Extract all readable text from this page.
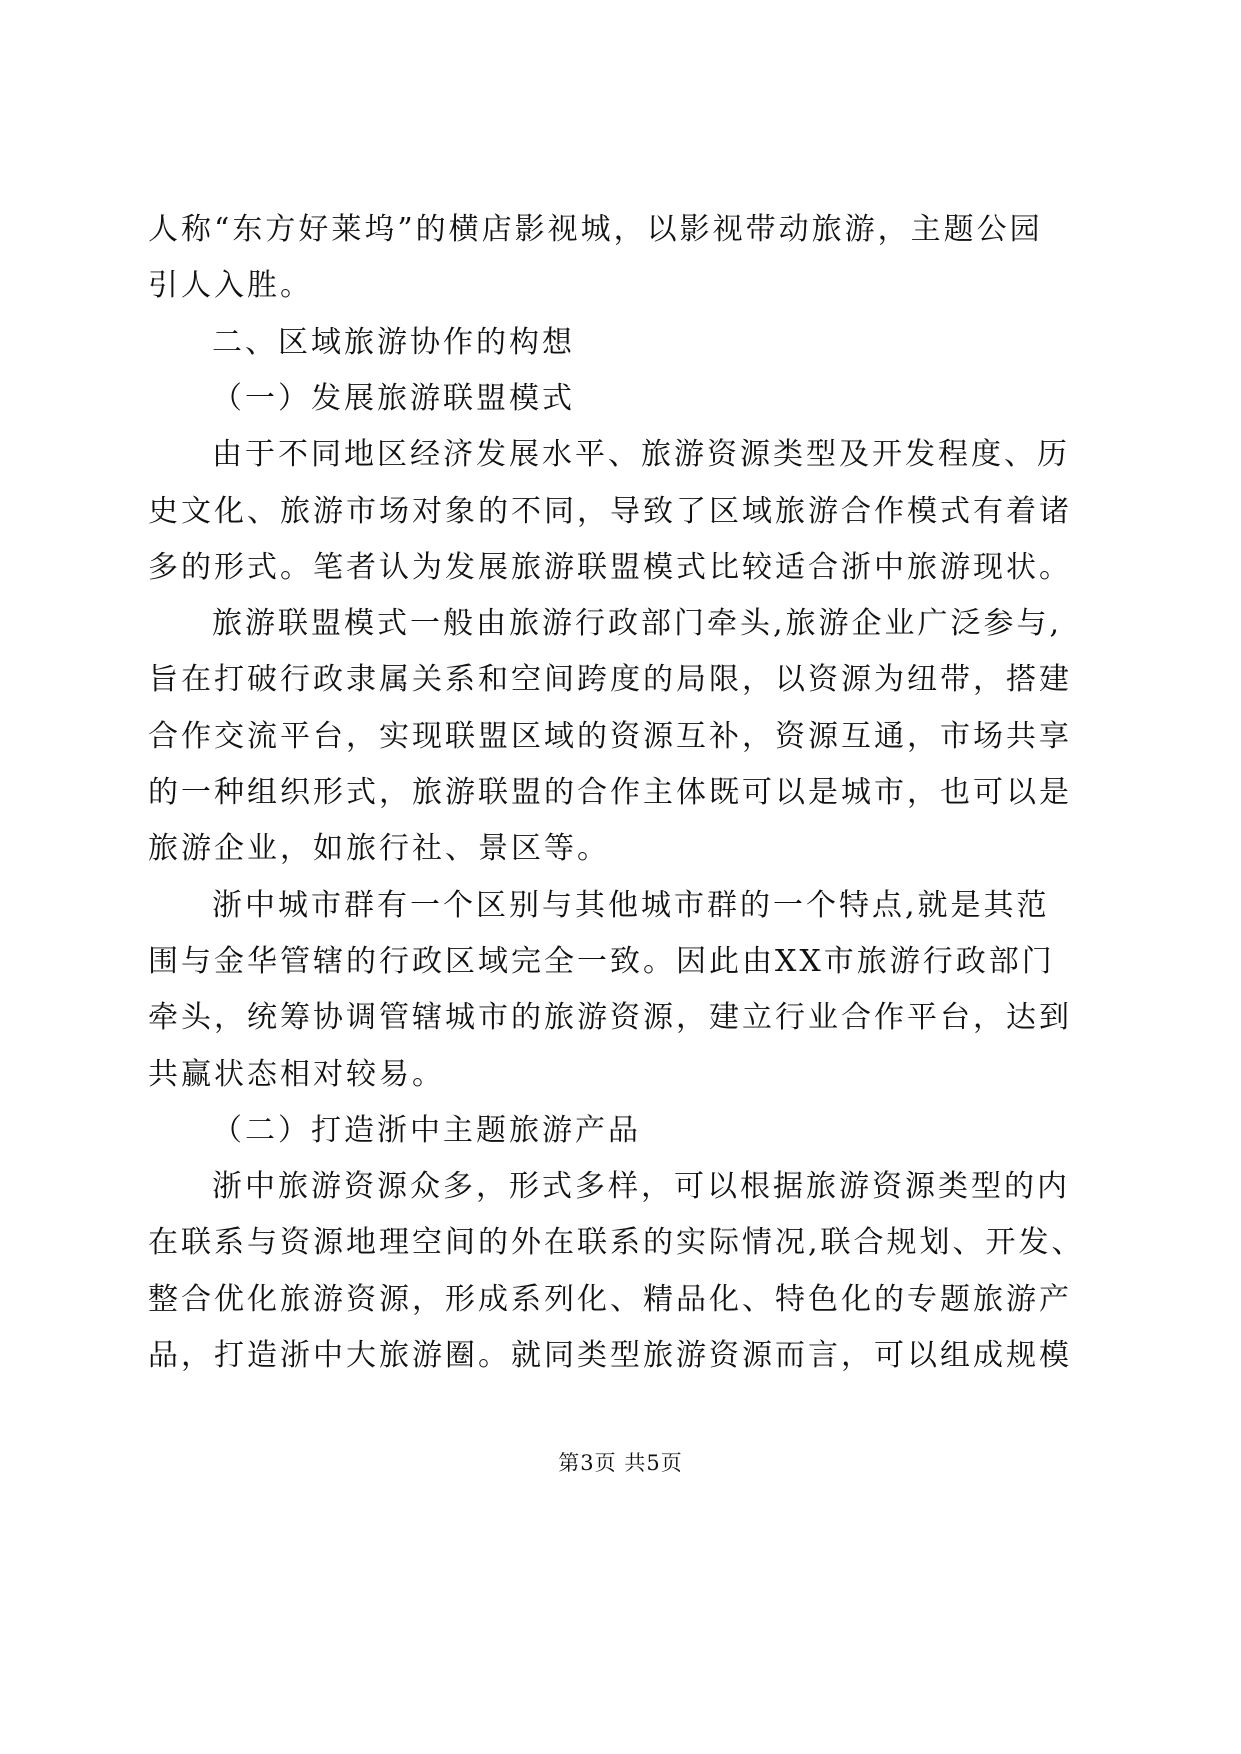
人称“东方好莱坞”的横店影视城，以影视带动旅游，主题公园
引人入胜。
二、区域旅游协作的构想
（一）发展旅游联盟模式
由于不同地区经济发展水平、旅游资源类型及开发程度、历
史文化、旅游市场对象的不同，导致了区域旅游合作模式有着诸
多的形式。笔者认为发展旅游联盟模式比较适合浙中旅游现状。
旅游联盟模式一般由旅游行政部门牵头,旅游企业广泛参与,
旨在打破行政隶属关系和空间跨度的局限，以资源为纽带，搭建
合作交流平台，实现联盟区域的资源互补，资源互通，市场共享
的一种组织形式，旅游联盟的合作主体既可以是城市，也可以是
旅游企业，如旅行社、景区等。
浙中城市群有一个区别与其他城市群的一个特点,就是其范
围与金华管辖的行政区域完全一致。因此由XX市旅游行政部门
牵头，统筹协调管辖城市的旅游资源，建立行业合作平台，达到
共赢状态相对较易。
（二）打造浙中主题旅游产品
浙中旅游资源众多，形式多样，可以根据旅游资源类型的内
在联系与资源地理空间的外在联系的实际情况,联合规划、开发、
整合优化旅游资源，形成系列化、精品化、特色化的专题旅游产
品，打造浙中大旅游圈。就同类型旅游资源而言，可以组成规模
第3页 共5页
